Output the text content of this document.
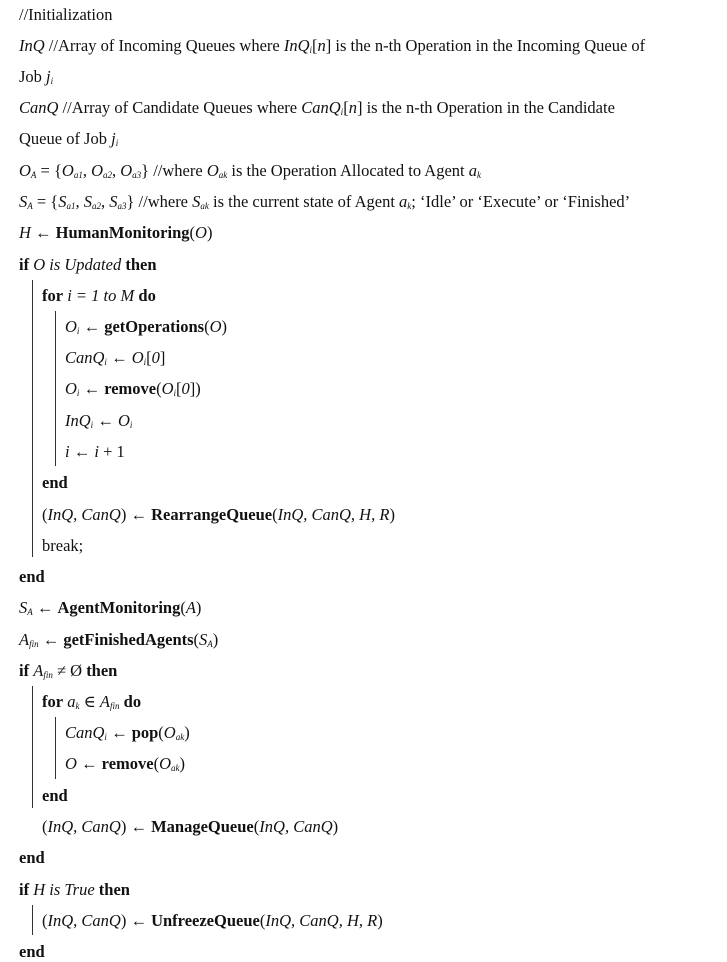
//Initialization
InQ //Array of Incoming Queues where InQ$_i$[n] is the n-th Operation in the Incoming Queue of
Job $j_i$
CanQ //Array of Candidate Queues where CanQ$_i$[n] is the n-th Operation in the Candidate
Queue of Job $j_i$
$O_A = \{O_{a1}$, $O_{a2}$, $O_{a3}$} //where $O_{ak}$ is the Operation Allocated to Agent $a_k$
$S_A = \{S_{a1}$, $S_{a2}$, $S_{a3}$} //where $S_{ak}$ is the current state of Agent $a_k$; ‘Idle’ or ‘Execute’ or ‘Finished’
H ← HumanMonitoring(O)
if O is Updated then
for i = 1 to M do
$O_i$ ← getOperations(O)
CanQ$_i$ ← $O_i[0]$
$O_i$ ← $remove(O_i[0])$
InQ$_i$ ← $O_i$
i ← i + 1
end
(InQ, CanQ) ← RearrangeQueue(InQ, CanQ, H, R)
break;
end
$S_A$ ← AgentMonitoring(A)
$A_{fin}$ ← $getFinishedAgents(S_A)$
if $A_{fin}$ ≠ Ø then
for $a_k$ ∈ $A_{fin}$ do
CanQ$_i$ ← $pop(O_{ak})$
O ← $remove(O_{ak})$
end
(InQ, CanQ) ← ManageQueue(InQ, CanQ)
end
if H is True then
(InQ, CanQ) ← UnfreezeQueue(InQ, CanQ, H, R)
end
